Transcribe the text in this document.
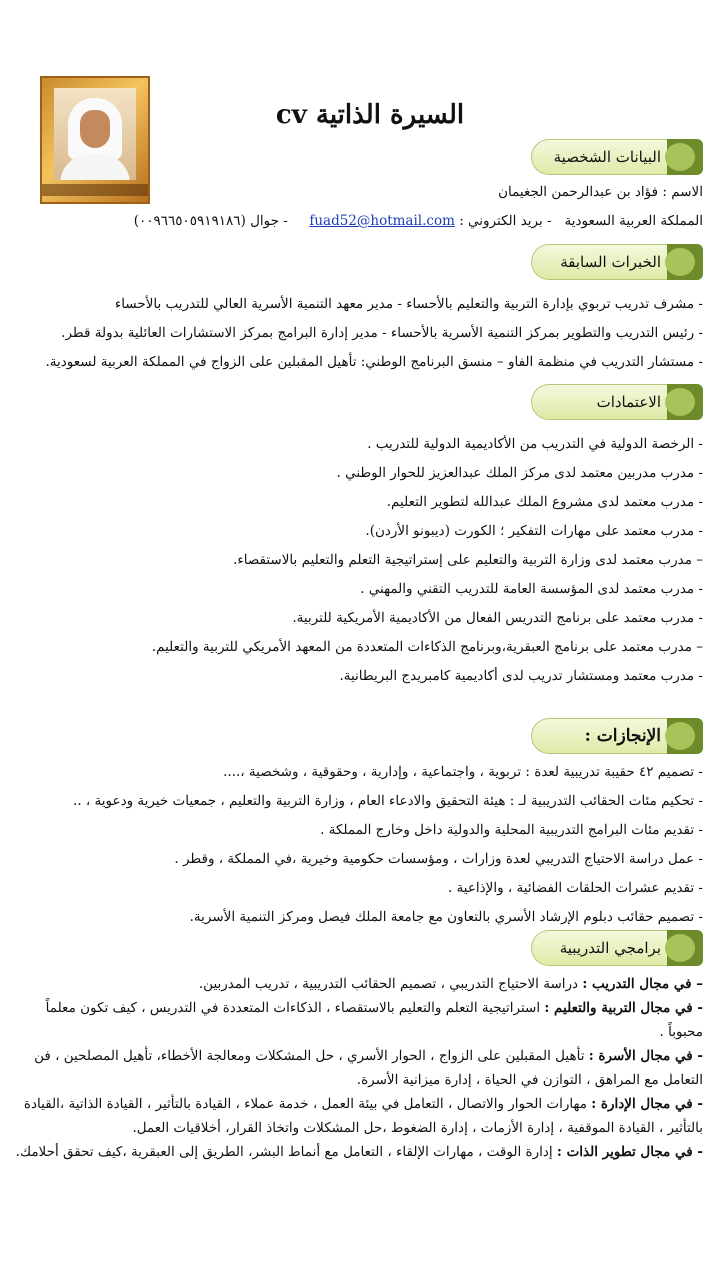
السيرة الذاتية cv
البيانات الشخصية
الاسم : فؤاد بن عبدالرحمن الجغيمان
المملكة العربية السعودية   - بريد الكتروني : fuad52@hotmail.com     - جوال (٠٠٩٦٦٥٠٥٩١٩١٨٦)
الخبرات السابقة
- مشرف تدريب تربوي بإدارة التربية والتعليم بالأحساء - مدير معهد التنمية الأسرية العالي للتدريب بالأحساء
- رئيس التدريب والتطوير بمركز التنمية الأسرية بالأحساء - مدير إدارة البرامج بمركز الاستشارات العائلية بدولة قطر.
- مستشار التدريب في منظمة الفاو – منسق البرنامج الوطني: تأهيل المقبلين على الزواج في المملكة العربية لسعودية.
الاعتمادات
- الرخصة الدولية في التدريب من الأكاديمية الدولية للتدريب .
- مدرب مدربين معتمد لدى مركز الملك عبدالعزيز للحوار الوطني .
- مدرب معتمد لدى مشروع الملك عبدالله لتطوير التعليم.
- مدرب معتمد على مهارات التفكير ؛ الكورت (ديبونو الأردن).
– مدرب معتمد لدى وزارة التربية والتعليم على إستراتيجية التعلم والتعليم بالاستقصاء.
- مدرب معتمد لدى المؤسسة العامة للتدريب التقني والمهني .
- مدرب معتمد على برنامج التدريس الفعال من الأكاديمية الأمريكية للتربية.
– مدرب معتمد على برنامج العبقرية،وبرنامج الذكاءات المتعددة من المعهد الأمريكي للتربية والتعليم.
- مدرب معتمد ومستشار تدريب لدى أكاديمية كامبريدج البريطانية.
الإنجازات :
- تصميم ٤٢ حقيبة تدريبية لعدة : تربوية ، واجتماعية ، وإدارية ، وحقوقية ، وشخصية ،....
- تحكيم مئات الحقائب التدريبية لـ : هيئة التحقيق والادعاء العام ، وزارة التربية والتعليم ، جمعيات خيرية ودعوية ، ..
- تقديم مئات البرامج التدريبية المحلية والدولية داخل وخارج المملكة .
- عمل دراسة الاحتياج التدريبي لعدة وزارات ، ومؤسسات حكومية وخيرية ،في المملكة ، وقطر .
- تقديم عشرات الحلقات الفضائية ، والإذاعية .
- تصميم حقائب دبلوم الإرشاد الأسري بالتعاون مع جامعة الملك فيصل ومركز التنمية الأسرية.
برامجي التدريبية
– في مجال التدريب : دراسة الاحتياج التدريبي ، تصميم الحقائب التدريبية ، تدريب المدربين.
- في مجال التربية والتعليم : استراتيجية التعلم والتعليم بالاستقصاء ، الذكاءات المتعددة في التدريس ، كيف تكون معلماً محبوباً .
- في مجال الأسرة : تأهيل المقبلين على الزواج ، الحوار الأسري ، حل المشكلات ومعالجة الأخطاء، تأهيل المصلحين ، فن التعامل مع المراهق ، التوازن في الحياة ، إدارة ميزانية الأسرة.
- في مجال الإدارة : مهارات الحوار والاتصال ، التعامل في بيئة العمل ، خدمة عملاء ، القيادة بالتأثير ، القيادة الذاتية ،القيادة بالتأثير ، القيادة الموقفية ، إدارة الأزمات ، إدارة الضغوط ،حل المشكلات واتخاذ القرار، أخلاقيات العمل.
- في مجال تطوير الذات : إدارة الوقت ، مهارات الإلقاء ، التعامل مع أنماط البشر، الطريق إلى العبقرية ،كيف تحقق أحلامك.
